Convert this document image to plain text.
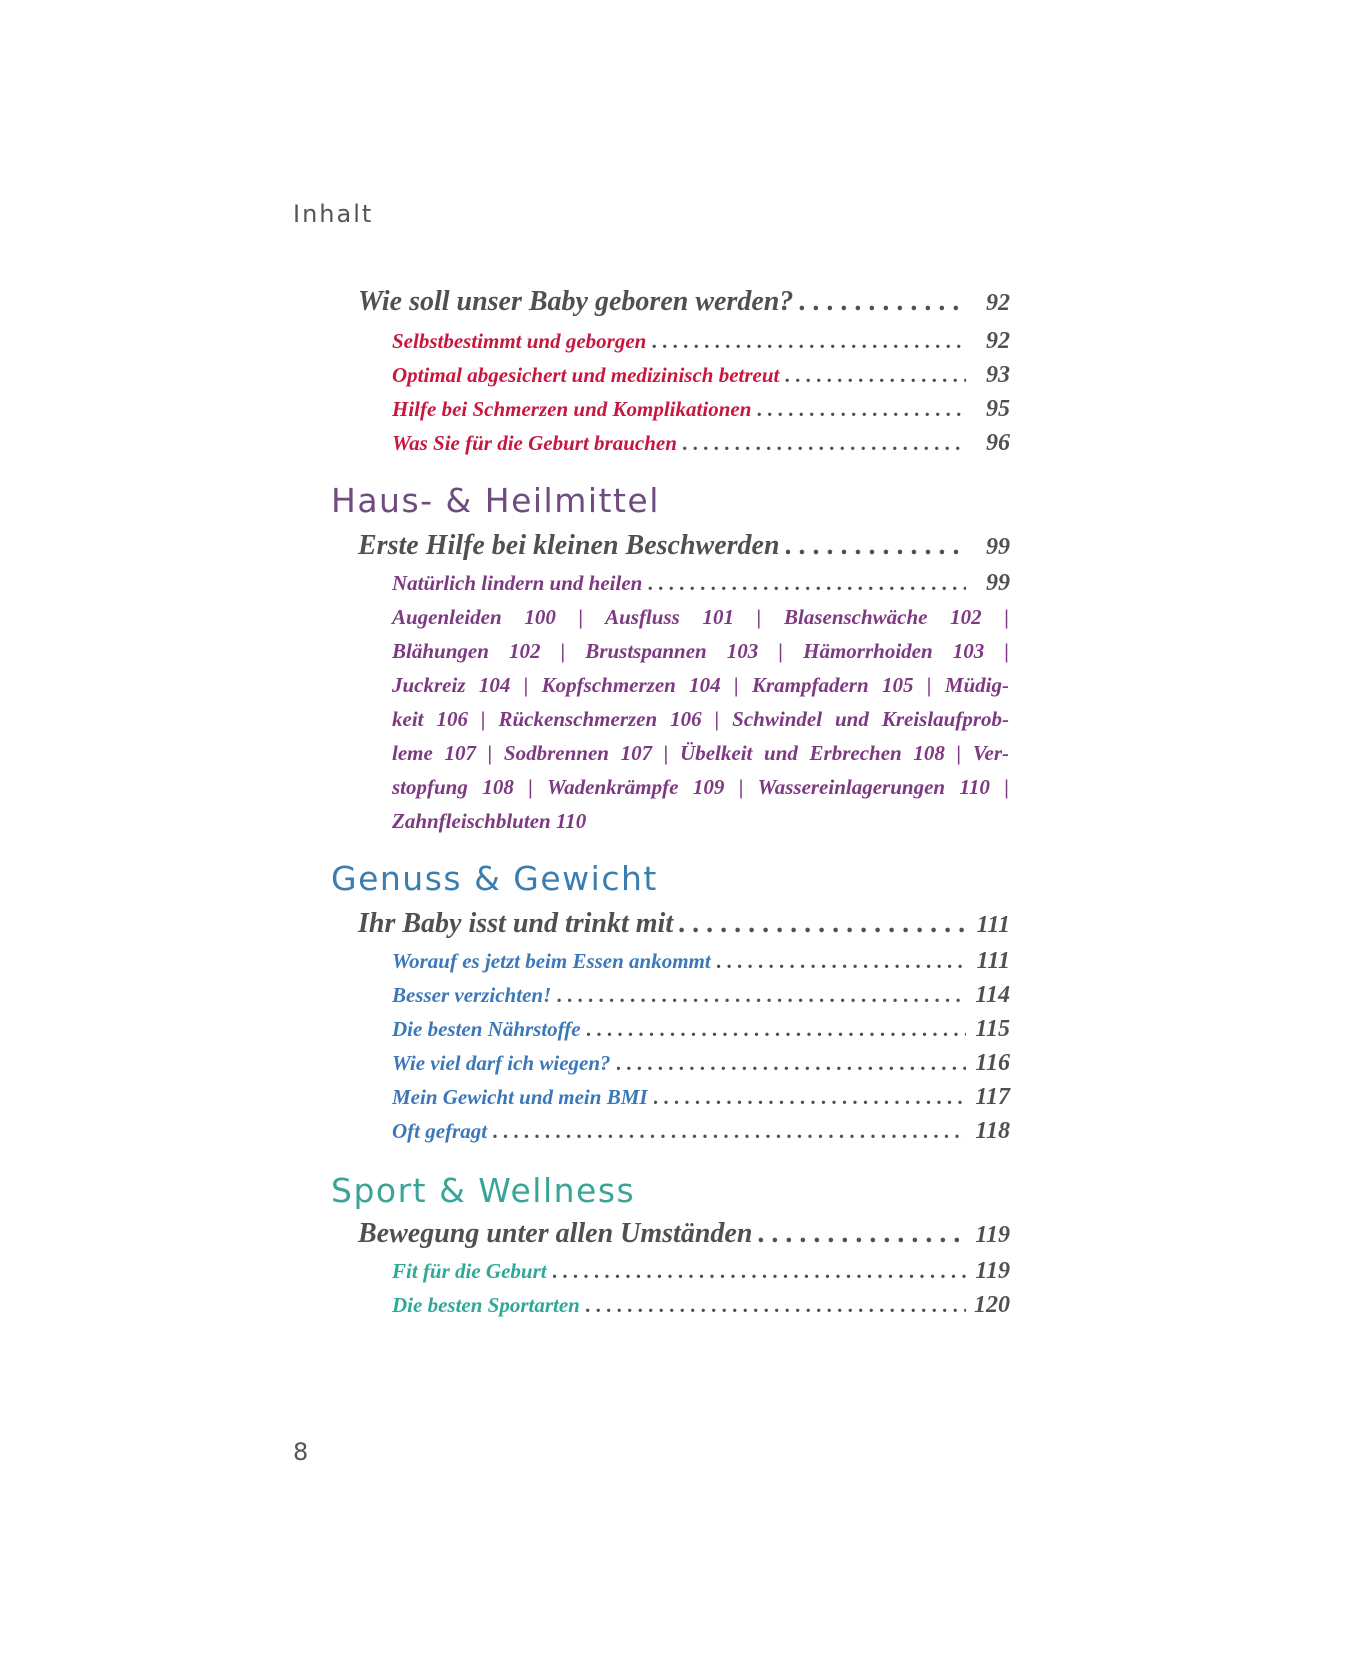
Inhalt
Wie soll unser Baby geboren werden? . . .	92
Selbstbestimmt und geborgen . . .	92
Optimal abgesichert und medizinisch betreut . . .	93
Hilfe bei Schmerzen und Komplikationen . . .	95
Was Sie für die Geburt brauchen . . .	96
Haus- & Heilmittel
Erste Hilfe bei kleinen Beschwerden . . .	99
Natürlich lindern und heilen . . .	99
Augenleiden 100 | Ausfluss 101 | Blasenschwäche 102 |
Blähungen 102 | Brustspannen 103 | Hämorrhoiden 103 |
Juckreiz 104 | Kopfschmerzen 104 | Krampfadern 105 | Müdig-
keit 106 | Rückenschmerzen 106 | Schwindel und Kreislaufprob-
leme 107 | Sodbrennen 107 | Übelkeit und Erbrechen 108 | Ver-
stopfung 108 | Wadenkrämpfe 109 | Wassereinlagerungen 110 |
Zahnfleischbluten 110
Genuss & Gewicht
Ihr Baby isst und trinkt mit . . .	111
Worauf es jetzt beim Essen ankommt . . .	111
Besser verzichten! . . .	114
Die besten Nährstoffe . . .	115
Wie viel darf ich wiegen? . . .	116
Mein Gewicht und mein BMI . . .	117
Oft gefragt . . .	118
Sport & Wellness
Bewegung unter allen Umständen . . .	119
Fit für die Geburt . . .	119
Die besten Sportarten . . .	120
8
